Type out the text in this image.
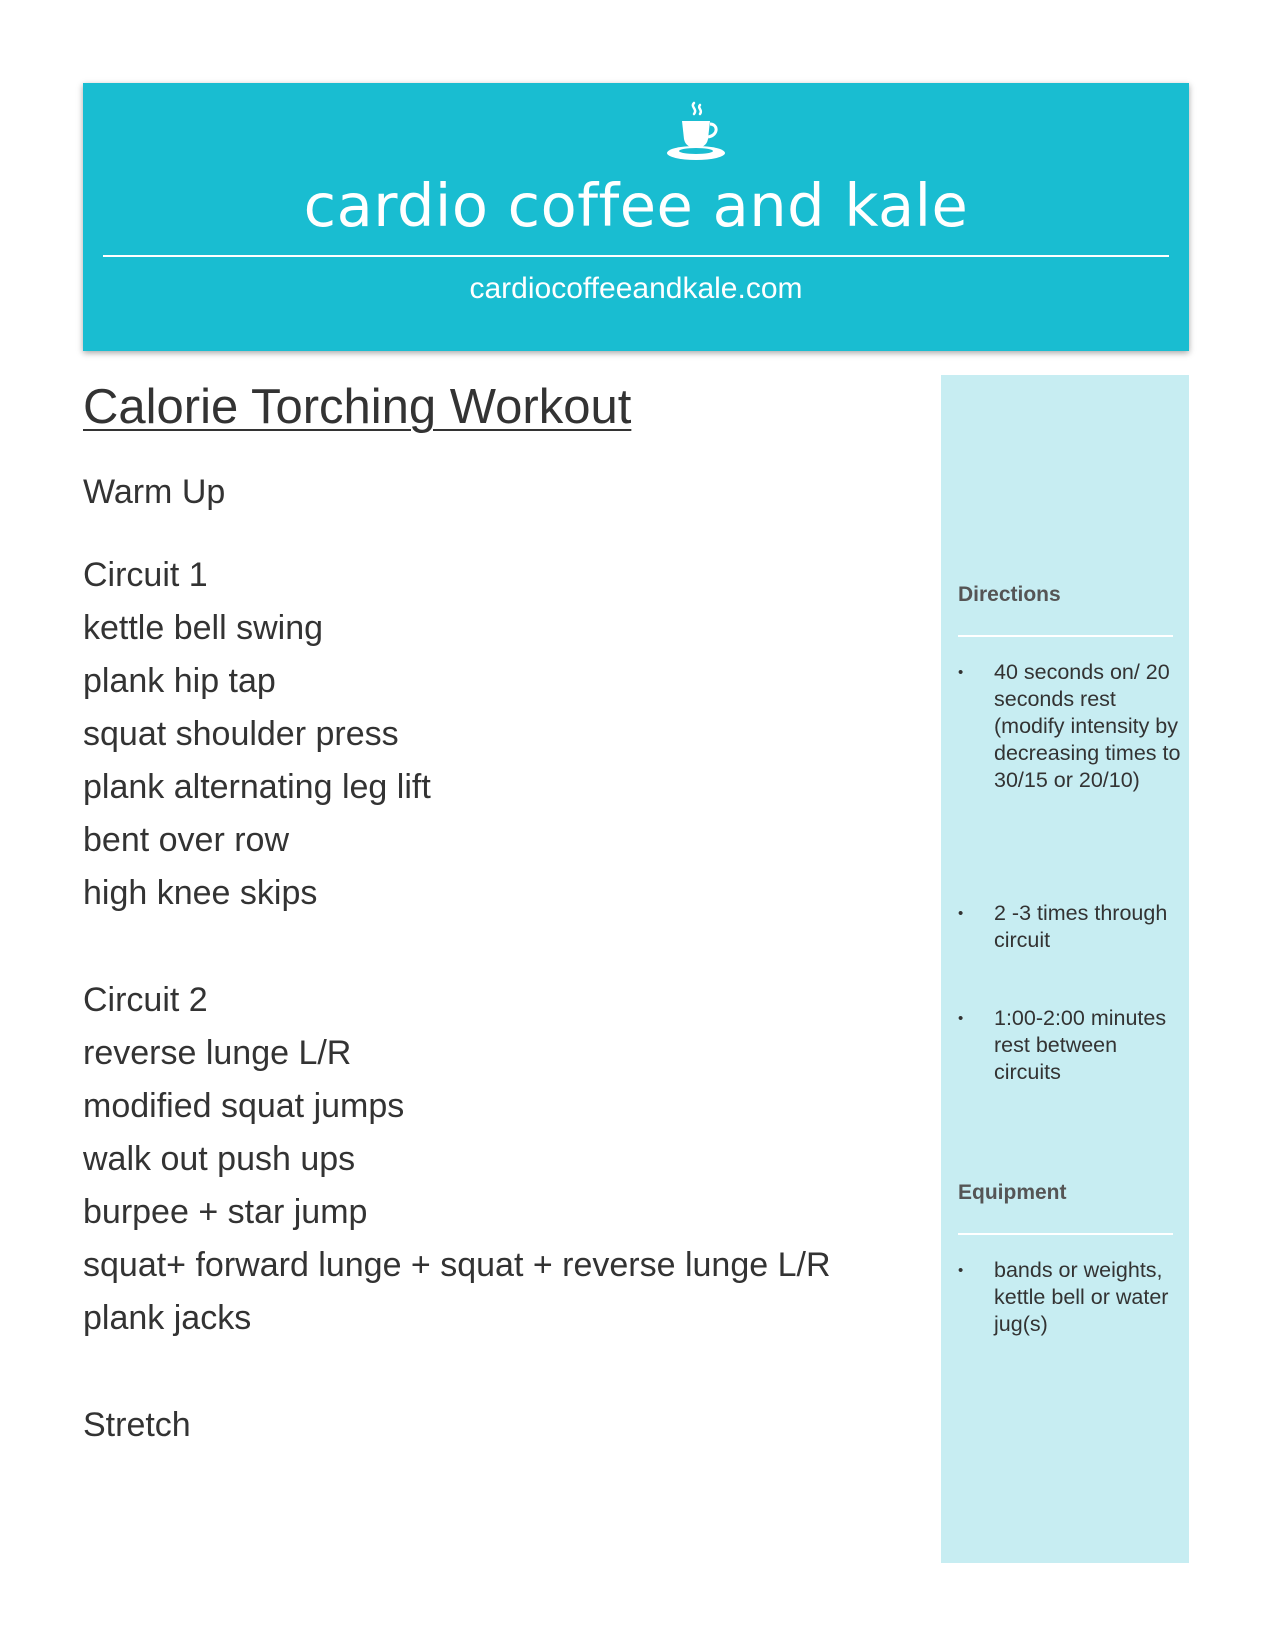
cardio coffee and kale
cardiocoffeeandkale.com
Calorie Torching Workout
Warm Up
Circuit 1
kettle bell swing
plank hip tap
squat shoulder press
plank alternating leg lift
bent over row
high knee skips
Circuit 2
reverse lunge L/R
modified squat jumps
walk out push ups
burpee + star jump
squat+ forward lunge + squat + reverse lunge L/R
plank jacks
Stretch
Directions
• 40 seconds on/ 20 seconds rest (modify intensity by decreasing times to 30/15 or 20/10)
• 2 -3 times through circuit
• 1:00-2:00 minutes rest between circuits
Equipment
• bands or weights, kettle bell or water jug(s)
